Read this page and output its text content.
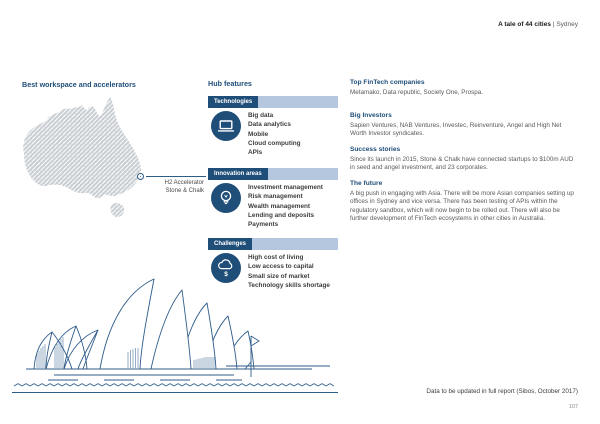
A tale of 44 cities | Sydney
Best workspace and accelerators
H2 Accelerator
Stone & Chalk
Hub features
Technologies
Big data
Data analytics
Mobile
Cloud computing
APIs
Innovation areas
Investment management
Risk management
Wealth management
Lending and deposits
Payments
Challenges
$
High cost of living
Low access to capital
Small size of market
Technology skills shortage
Top FinTech companies
Metamako, Data republic, Society One, Prospa.
Big Investors
Sapien Ventures, NAB Ventures, Investec, Reinventure, Angel and High Net Worth Investor syndicates.
Success stories
Since its launch in 2015, Stone & Chalk have connected startups to $100m AUD in seed and angel investment, and 23 corporates.
The future
A big push in engaging with Asia. There will be more Asian companies setting up offices in Sydney and vice versa. There has been testing of APIs within the regulatory sandbox, which will now begin to be rolled out. There will also be further development of FinTech ecosystems in other cities in Australia.
Data to be updated in full report (Sibos, October 2017)
107
